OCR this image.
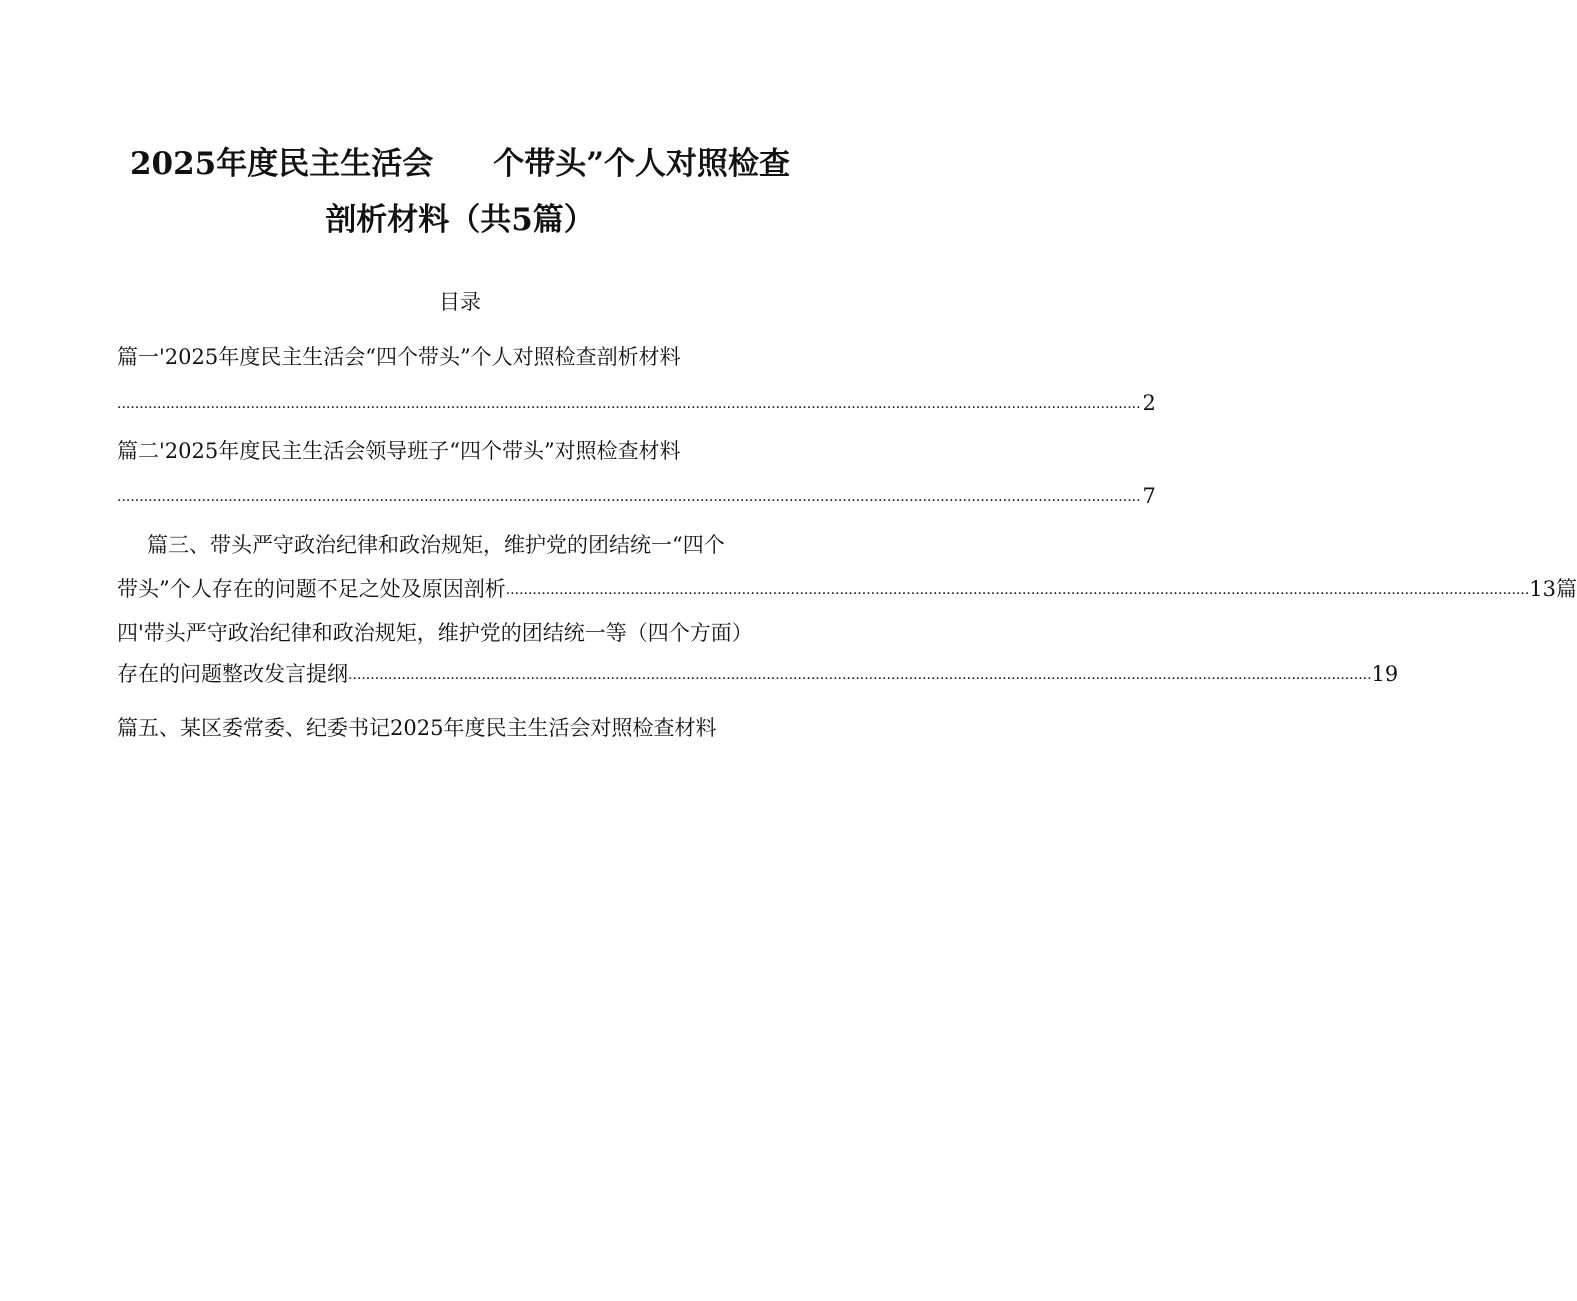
2025年度民主生活会 个带头”个人对照检查
剖析材料（共5篇）
目录
篇一'2025年度民主生活会“四个带头”个人对照检查剖析材料
...................................................................................................................................................................................................................................... 2
篇二'2025年度民主生活会领导班子“四个带头”对照检查材料
...................................................................................................................................................................................................................................... 7
篇三、带头严守政治纪律和政治规矩，维护党的团结统一“四个
带头”个人存在的问题不足之处及原因剖析 ...................................................................................................................................................................................................................................... 13篇
四'带头严守政治纪律和政治规矩，维护党的团结统一等（四个方面）
存在的问题整改发言提纲 ...................................................................................................................................................................................................................................... 19
篇五、某区委常委、纪委书记2025年度民主生活会对照检查材料
